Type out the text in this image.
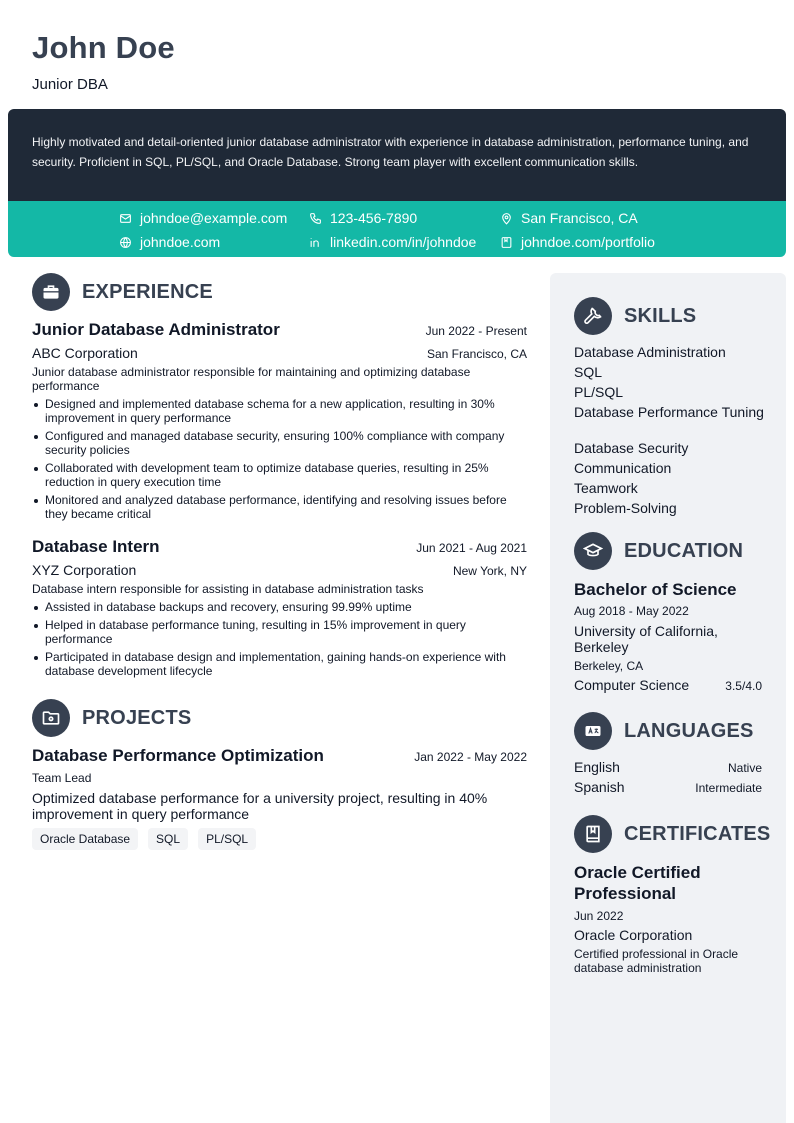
John Doe
Junior DBA
Highly motivated and detail-oriented junior database administrator with experience in database administration, performance tuning, and security. Proficient in SQL, PL/SQL, and Oracle Database. Strong team player with excellent communication skills.
johndoe@example.com	123-456-7890	San Francisco, CA
johndoe.com	linkedin.com/in/johndoe	johndoe.com/portfolio
EXPERIENCE
Junior Database Administrator	Jun 2022 - Present
ABC Corporation	San Francisco, CA
Junior database administrator responsible for maintaining and optimizing database performance
Designed and implemented database schema for a new application, resulting in 30% improvement in query performance
Configured and managed database security, ensuring 100% compliance with company security policies
Collaborated with development team to optimize database queries, resulting in 25% reduction in query execution time
Monitored and analyzed database performance, identifying and resolving issues before they became critical
Database Intern	Jun 2021 - Aug 2021
XYZ Corporation	New York, NY
Database intern responsible for assisting in database administration tasks
Assisted in database backups and recovery, ensuring 99.99% uptime
Helped in database performance tuning, resulting in 15% improvement in query performance
Participated in database design and implementation, gaining hands-on experience with database development lifecycle
PROJECTS
Database Performance Optimization	Jan 2022 - May 2022
Team Lead
Optimized database performance for a university project, resulting in 40% improvement in query performance
Oracle Database	SQL	PL/SQL
SKILLS
Database Administration
SQL
PL/SQL
Database Performance Tuning
Database Security
Communication
Teamwork
Problem-Solving
EDUCATION
Bachelor of Science
Aug 2018 - May 2022
University of California, Berkeley
Berkeley, CA
Computer Science	3.5/4.0
LANGUAGES
English	Native
Spanish	Intermediate
CERTIFICATES
Oracle Certified Professional
Jun 2022
Oracle Corporation
Certified professional in Oracle database administration
